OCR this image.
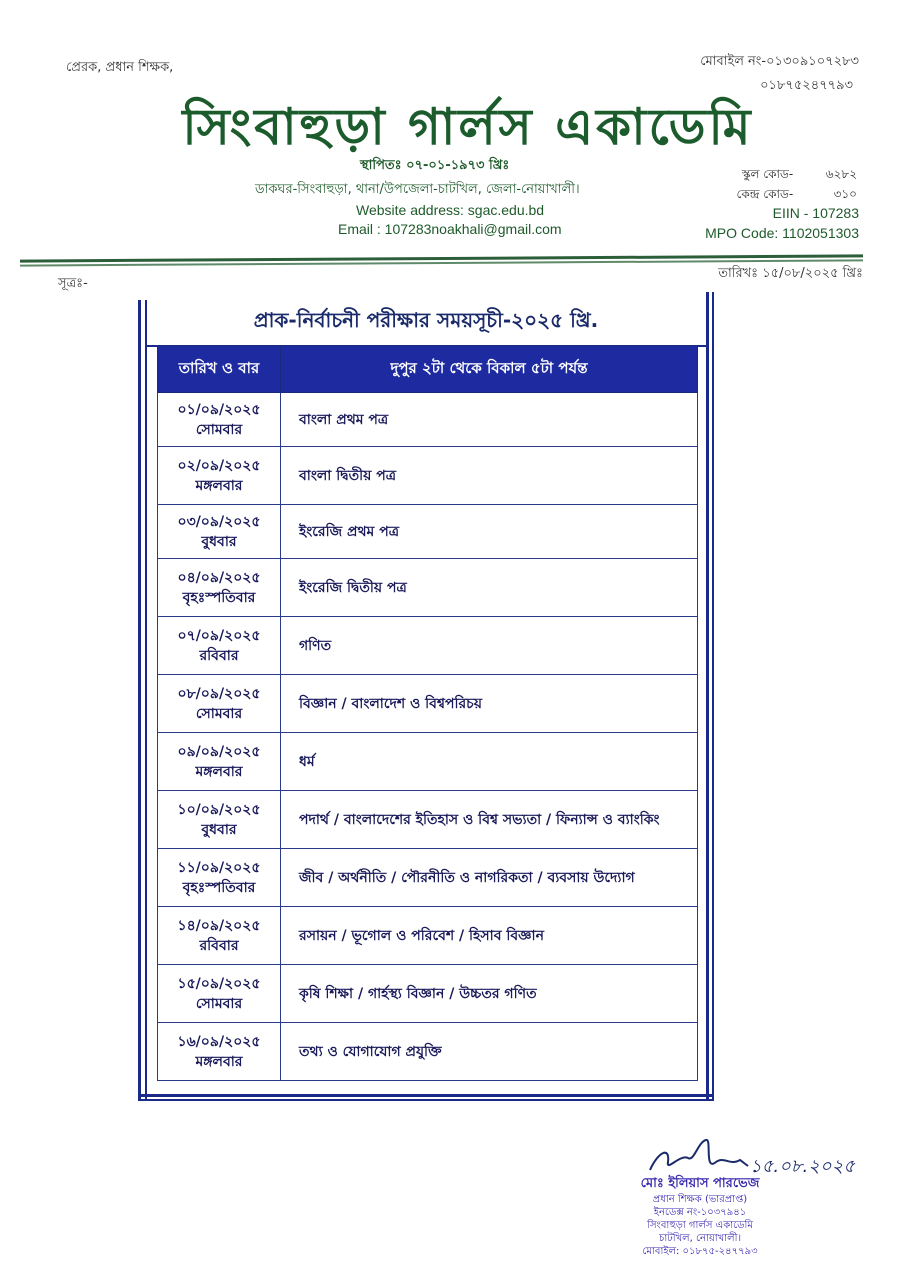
প্রেরক, প্রধান শিক্ষক,	মোবাইল নং-০১৩০৯১০৭২৮৩
০১৮৭৫২৪৭৭৯৩
সিংবাহুড়া গার্লস একাডেমি
স্থাপিতঃ ০৭-০১-১৯৭৩ খ্রিঃ
ডাকঘর-সিংবাহুড়া, থানা/উপজেলা-চাটখিল, জেলা-নোয়াখালী।
Website address: sgac.edu.bd
Email : 107283noakhali@gmail.com
স্কুল কোড-	৬২৮২
কেন্দ্র কোড-	৩১০
EIIN - 107283
MPO Code: 1102051303
সূত্রঃ-
তারিখঃ ১৫/০৮/২০২৫ খ্রিঃ
প্রাক-নির্বাচনী পরীক্ষার সময়সূচী-২০২৫ খ্রি.
তারিখ ও বার	দুপুর ২টা থেকে বিকাল ৫টা পর্যন্ত

০১/০৯/২০২৫
সোমবার	বাংলা প্রথম পত্র

০২/০৯/২০২৫
মঙ্গলবার	বাংলা দ্বিতীয় পত্র

০৩/০৯/২০২৫
বুধবার	ইংরেজি প্রথম পত্র

০৪/০৯/২০২৫
বৃহঃস্পতিবার	ইংরেজি দ্বিতীয় পত্র

০৭/০৯/২০২৫
রবিবার	গণিত

০৮/০৯/২০২৫
সোমবার	বিজ্ঞান / বাংলাদেশ ও বিশ্বপরিচয়

০৯/০৯/২০২৫
মঙ্গলবার	ধর্ম

১০/০৯/২০২৫
বুধবার	পদার্থ / বাংলাদেশের ইতিহাস ও বিশ্ব সভ্যতা / ফিন্যান্স ও ব্যাংকিং

১১/০৯/২০২৫
বৃহঃস্পতিবার	জীব / অর্থনীতি / পৌরনীতি ও নাগরিকতা / ব্যবসায় উদ্যোগ

১৪/০৯/২০২৫
রবিবার	রসায়ন / ভূগোল ও পরিবেশ / হিসাব বিজ্ঞান

১৫/০৯/২০২৫
সোমবার	কৃষি শিক্ষা / গার্হস্থ্য বিজ্ঞান / উচ্চতর গণিত

১৬/০৯/২০২৫
মঙ্গলবার	তথ্য ও যোগাযোগ প্রযুক্তি
১৫.০৮.২০২৫
মোঃ ইলিয়াস পারভেজ
প্রধান শিক্ষক (ভারপ্রাপ্ত)
ইনডেক্স নং-১০৩৭৯৪১
সিংবাহুড়া গার্লস একাডেমি
চাটখিল, নোয়াখালী।
মোবাইল: ০১৮৭৫-২৪৭৭৯৩
